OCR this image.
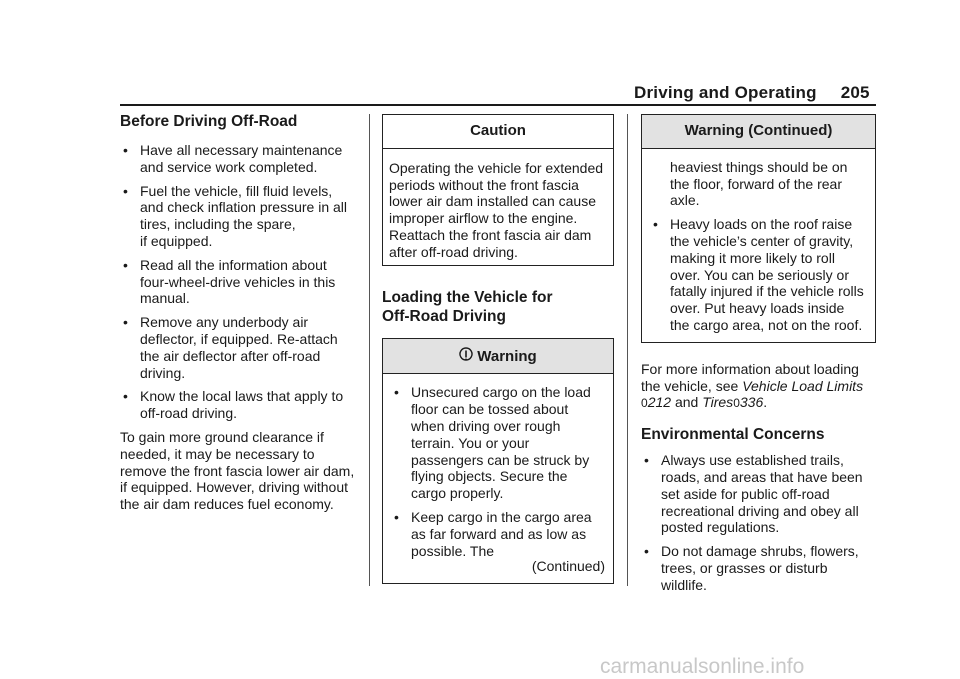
Driving and Operating 205
Before Driving Off-Road
• Have all necessary maintenance and service work completed.
• Fuel the vehicle, fill fluid levels, and check inflation pressure in all tires, including the spare,
if equipped.
• Read all the information about four-wheel-drive vehicles in this manual.
• Remove any underbody air deflector, if equipped. Re-attach the air deflector after off-road driving.
• Know the local laws that apply to off-road driving.

To gain more ground clearance if needed, it may be necessary to remove the front fascia lower air dam, if equipped. However, driving without the air dam reduces fuel economy.

Caution
Operating the vehicle for extended periods without the front fascia lower air dam installed can cause improper airflow to the engine. Reattach the front fascia air dam after off-road driving.
Loading the Vehicle for
Off-Road Driving
Warning
• Unsecured cargo on the load floor can be tossed about when driving over rough terrain. You or your passengers can be struck by flying objects. Secure the cargo properly.
• Keep cargo in the cargo area as far forward and as low as possible. The
(Continued)
Warning (Continued)
heaviest things should be on the floor, forward of the rear axle.
• Heavy loads on the roof raise the vehicle’s center of gravity, making it more likely to roll over. You can be seriously or fatally injured if the vehicle rolls over. Put heavy loads inside the cargo area, not on the roof.

For more information about loading the vehicle, see Vehicle Load Limits
0212 and Tires0336.

Environmental Concerns
• Always use established trails, roads, and areas that have been set aside for public off-road recreational driving and obey all posted regulations.
• Do not damage shrubs, flowers, trees, or grasses or disturb wildlife.
carmanualsonline.info
